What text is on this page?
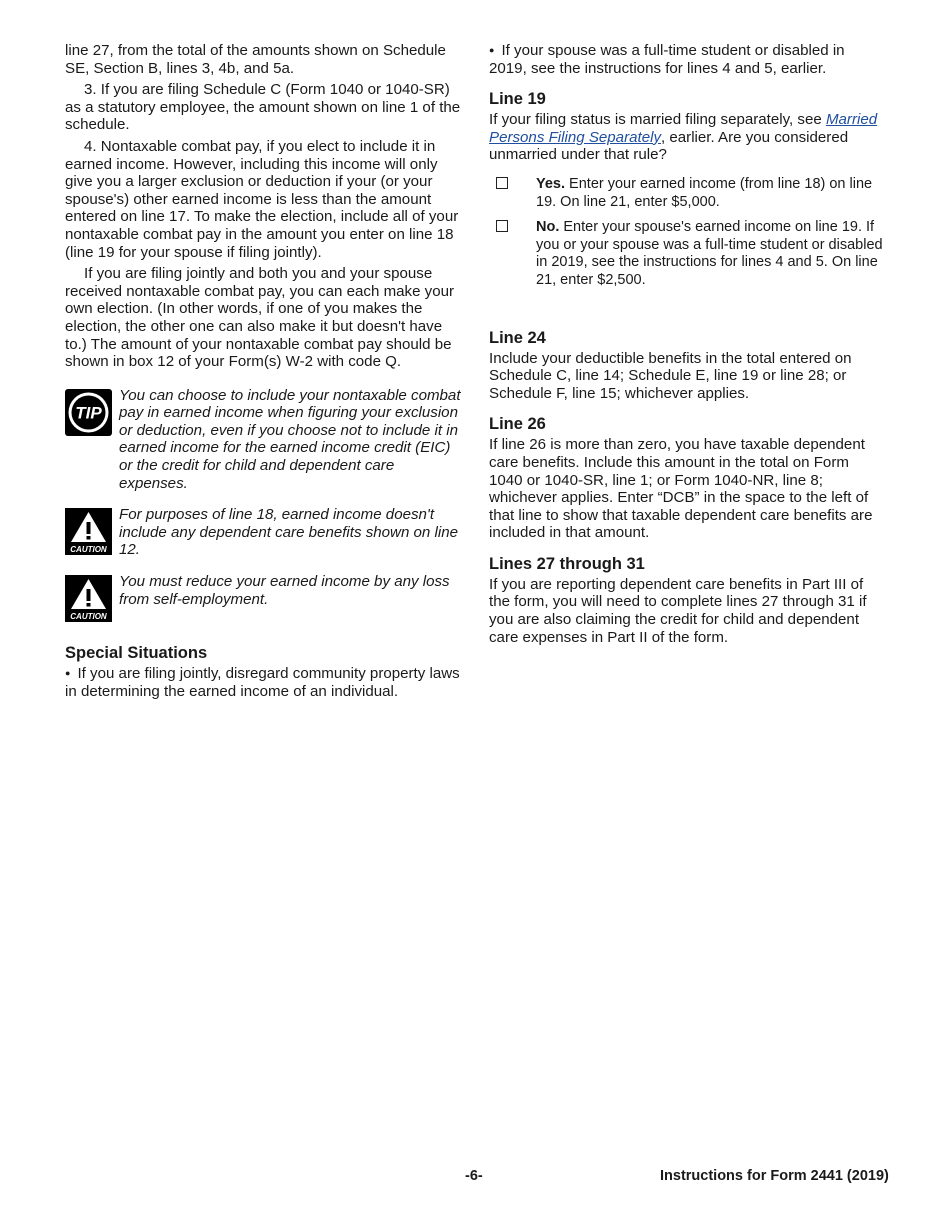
line 27, from the total of the amounts shown on Schedule SE, Section B, lines 3, 4b, and 5a.

3. If you are filing Schedule C (Form 1040 or 1040-SR) as a statutory employee, the amount shown on line 1 of the schedule.

4. Nontaxable combat pay, if you elect to include it in earned income. However, including this income will only give you a larger exclusion or deduction if your (or your spouse's) other earned income is less than the amount entered on line 17. To make the election, include all of your nontaxable combat pay in the amount you enter on line 18 (line 19 for your spouse if filing jointly).

If you are filing jointly and both you and your spouse received nontaxable combat pay, you can each make your own election. (In other words, if one of you makes the election, the other one can also make it but doesn't have to.) The amount of your nontaxable combat pay should be shown in box 12 of your Form(s) W-2 with code Q.

TIP
You can choose to include your nontaxable combat pay in earned income when figuring your exclusion or deduction, even if you choose not to include it in earned income for the earned income credit (EIC) or the credit for child and dependent care expenses.
CAUTION
For purposes of line 18, earned income doesn't include any dependent care benefits shown on line 12.
CAUTION
You must reduce your earned income by any loss from self-employment.
Special Situations

● If you are filing jointly, disregard community property laws in determining the earned income of an individual.

● If your spouse was a full-time student or disabled in 2019, see the instructions for lines 4 and 5, earlier.

Line 19

If your filing status is married filing separately, see Married Persons Filing Separately, earlier. Are you considered unmarried under that rule?

Yes. Enter your earned income (from line 18) on line 19. On line 21, enter $5,000.
No. Enter your spouse's earned income on line 19. If you or your spouse was a full-time student or disabled in 2019, see the instructions for lines 4 and 5. On line 21, enter $2,500.
Line 24

Include your deductible benefits in the total entered on Schedule C, line 14; Schedule E, line 19 or line 28; or Schedule F, line 15; whichever applies.

Line 26

If line 26 is more than zero, you have taxable dependent care benefits. Include this amount in the total on Form 1040 or 1040-SR, line 1; or Form 1040-NR, line 8; whichever applies. Enter “DCB” in the space to the left of that line to show that taxable dependent care benefits are included in that amount.

Lines 27 through 31

If you are reporting dependent care benefits in Part III of the form, you will need to complete lines 27 through 31 if you are also claiming the credit for child and dependent care expenses in Part II of the form.

-6-	Instructions for Form 2441 (2019)
